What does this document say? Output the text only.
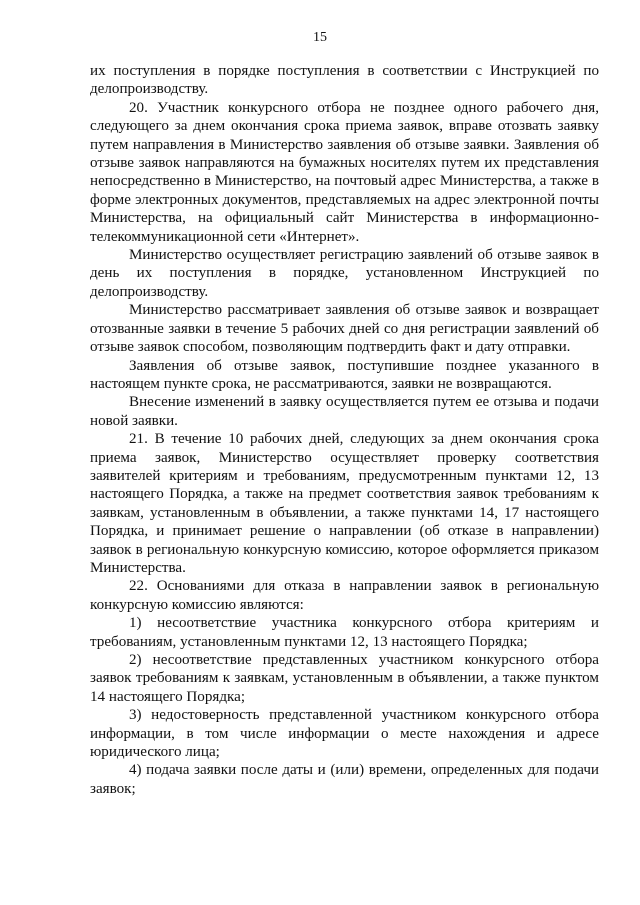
15

их поступления в порядке поступления в соответствии с Инструкцией по делопроизводству.

20. Участник конкурсного отбора не позднее одного рабочего дня, следующего за днем окончания срока приема заявок, вправе отозвать заявку путем направления в Министерство заявления об отзыве заявки. Заявления об отзыве заявок направляются на бумажных носителях путем их представления непосредственно в Министерство, на почтовый адрес Министерства, а также в форме электронных документов, представляемых на адрес электронной почты Министерства, на официальный сайт Министерства в информационно-телекоммуникационной сети «Интернет».

Министерство осуществляет регистрацию заявлений об отзыве заявок в день их поступления в порядке, установленном Инструкцией по делопроизводству.

Министерство рассматривает заявления об отзыве заявок и возвращает отозванные заявки в течение 5 рабочих дней со дня регистрации заявлений об отзыве заявок способом, позволяющим подтвердить факт и дату отправки.

Заявления об отзыве заявок, поступившие позднее указанного в настоящем пункте срока, не рассматриваются, заявки не возвращаются.

Внесение изменений в заявку осуществляется путем ее отзыва и подачи новой заявки.

21. В течение 10 рабочих дней, следующих за днем окончания срока приема заявок, Министерство осуществляет проверку соответствия заявителей критериям и требованиям, предусмотренным пунктами 12, 13 настоящего Порядка, а также на предмет соответствия заявок требованиям к заявкам, установленным в объявлении, а также пунктами 14, 17 настоящего Порядка, и принимает решение о направлении (об отказе в направлении) заявок в региональную конкурсную комиссию, которое оформляется приказом Министерства.

22. Основаниями для отказа в направлении заявок в региональную конкурсную комиссию являются:

1) несоответствие участника конкурсного отбора критериям и требованиям, установленным пунктами 12, 13 настоящего Порядка;

2) несоответствие представленных участником конкурсного отбора заявок требованиям к заявкам, установленным в объявлении, а также пунктом 14 настоящего Порядка;

3) недостоверность представленной участником конкурсного отбора информации, в том числе информации о месте нахождения и адресе юридического лица;

4) подача заявки после даты и (или) времени, определенных для подачи заявок;
